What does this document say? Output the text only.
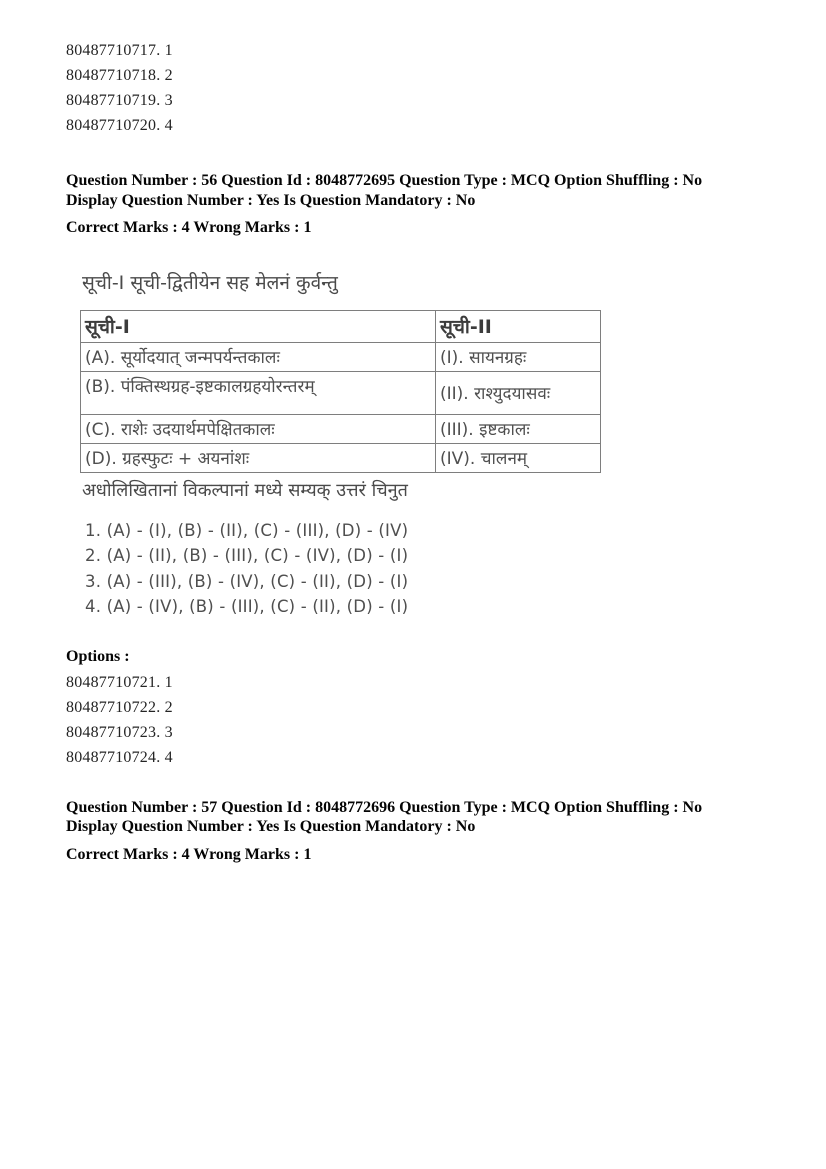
80487710717. 1
80487710718. 2
80487710719. 3
80487710720. 4
Question Number : 56 Question Id : 8048772695 Question Type : MCQ Option Shuffling : No
Display Question Number : Yes Is Question Mandatory : No
Correct Marks : 4 Wrong Marks : 1
सूची-I सूची-द्वितीयेन सह मेलनं कुर्वन्तु
सूची-I	सूची-II
(A). सूर्योदयात् जन्मपर्यन्तकालः	(I). सायनग्रहः
(B). पंक्तिस्थग्रह-इष्टकालग्रहयोरन्तरम्	(II). राश्युदयासवः
(C). राशेः उदयार्थमपेक्षितकालः	(III). इष्टकालः
(D). ग्रहस्फुटः + अयनांशः	(IV). चालनम्
अधोलिखितानां विकल्पानां मध्ये सम्यक् उत्तरं चिनुत
1. (A) - (I), (B) - (II), (C) - (III), (D) - (IV)
2. (A) - (II), (B) - (III), (C) - (IV), (D) - (I)
3. (A) - (III), (B) - (IV), (C) - (II), (D) - (I)
4. (A) - (IV), (B) - (III), (C) - (II), (D) - (I)
Options :
80487710721. 1
80487710722. 2
80487710723. 3
80487710724. 4
Question Number : 57 Question Id : 8048772696 Question Type : MCQ Option Shuffling : No
Display Question Number : Yes Is Question Mandatory : No
Correct Marks : 4 Wrong Marks : 1
